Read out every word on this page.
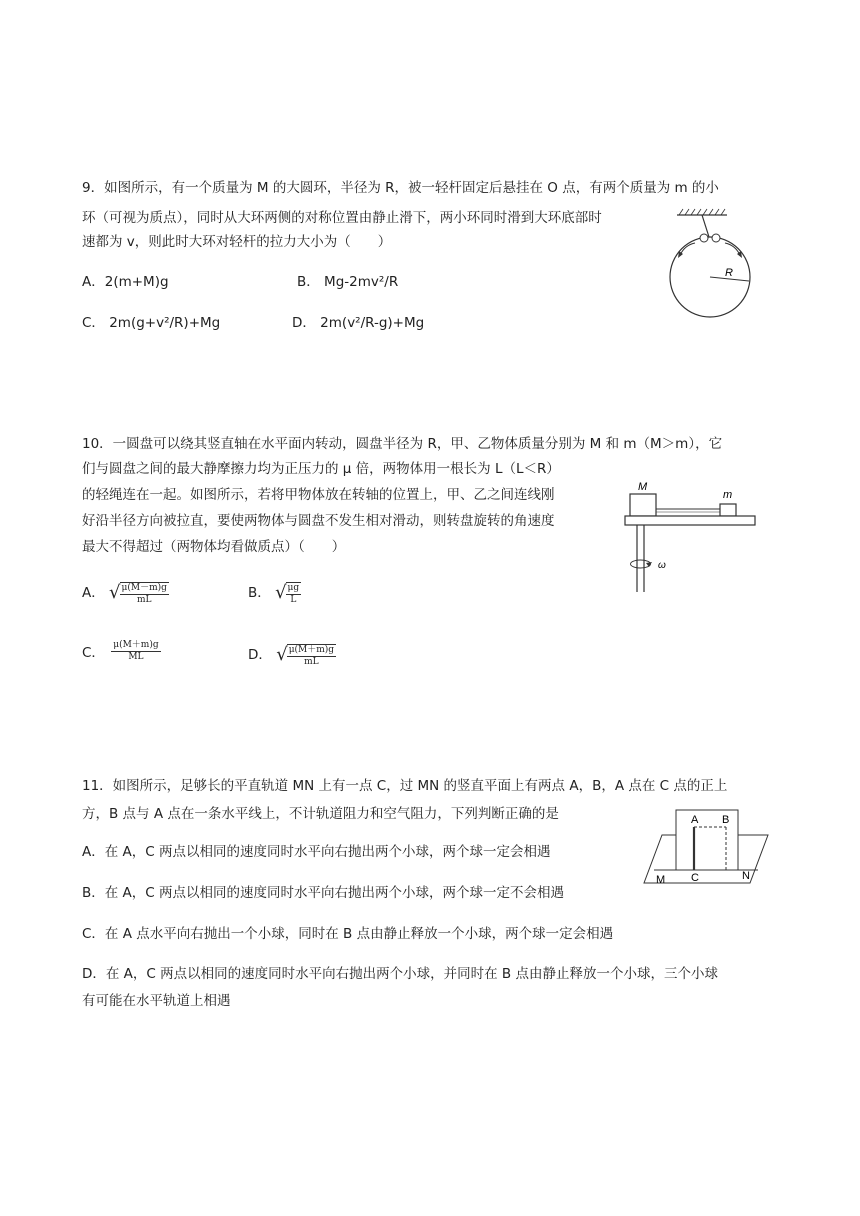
9．如图所示，有一个质量为 M 的大圆环，半径为 R，被一轻杆固定后悬挂在 O 点，有两个质量为 m 的小
环（可视为质点），同时从大环两侧的对称位置由静止滑下，两小环同时滑到大环底部时
速都为 v，则此时大环对轻杆的拉力大小为（　　）
A．2(m+M)g	B． Mg-2mv²/R
C． 2m(g+v²/R)+Mg	D． 2m(v²/R-g)+Mg
R
10．一圆盘可以绕其竖直轴在水平面内转动，圆盘半径为 R，甲、乙物体质量分别为 M 和 m（M＞m），它
们与圆盘之间的最大静摩擦力均为正压力的 μ 倍，两物体用一根长为 L（L＜R）
的轻绳连在一起。如图所示，若将甲物体放在转轴的位置上，甲、乙之间连线刚
好沿半径方向被拉直，要使两物体与圆盘不发生相对滑动，则转盘旋转的角速度
最大不得超过（两物体均看做质点）（　　）
A． √ $\frac{\mu(M-m)g}{mL}$	B． √ $\frac{\mu g}{L}$
C． $\frac{\mu(M+m)g}{ML}$	D． √ $\frac{\mu(M+m)g}{mL}$
M
m
ω
11．如图所示，足够长的平直轨道 MN 上有一点 C，过 MN 的竖直平面上有两点 A，B，A 点在 C 点的正上
方，B 点与 A 点在一条水平线上，不计轨道阻力和空气阻力，下列判断正确的是
A．在 A，C 两点以相同的速度同时水平向右抛出两个小球，两个球一定会相遇
B．在 A，C 两点以相同的速度同时水平向右抛出两个小球，两个球一定不会相遇
C．在 A 点水平向右抛出一个小球，同时在 B 点由静止释放一个小球，两个球一定会相遇
D．在 A，C 两点以相同的速度同时水平向右抛出两个小球，并同时在 B 点由静止释放一个小球，三个小球
有可能在水平轨道上相遇
A B
C
M	N
